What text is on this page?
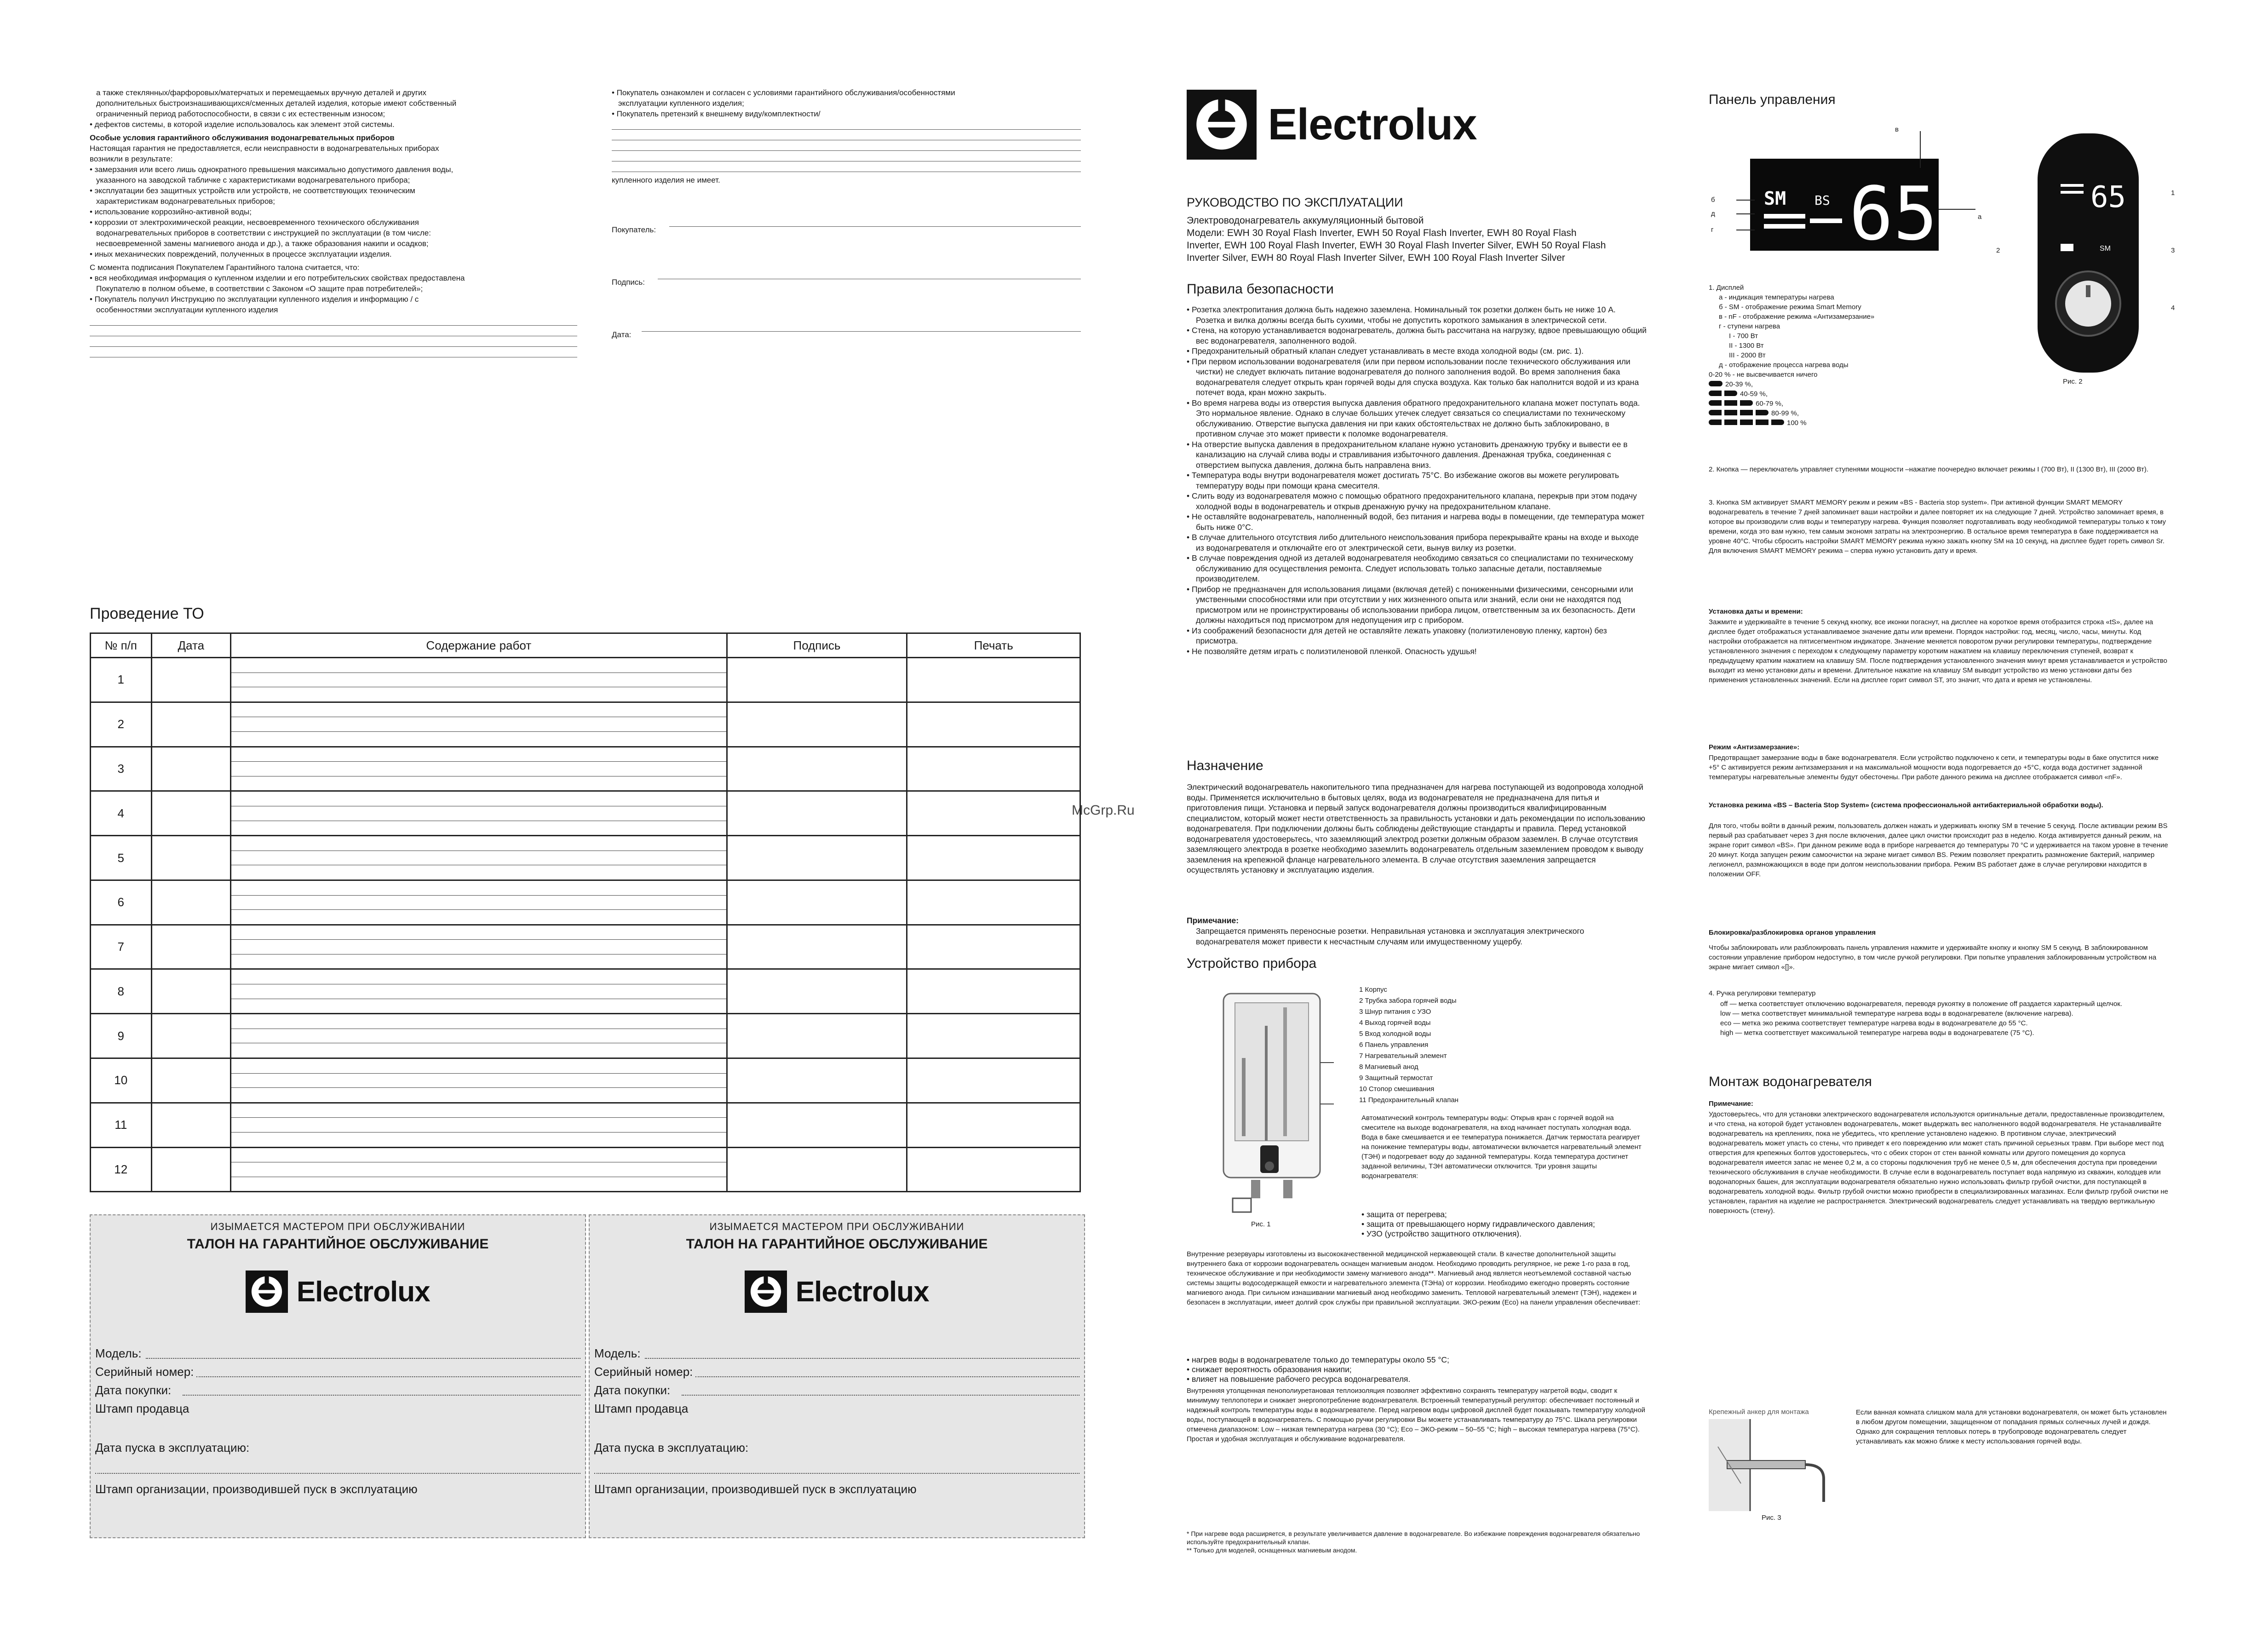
а также стеклянных/фарфоровых/матерчатых и перемещаемых вручную деталей и других
дополнительных быстроизнашивающихся/сменных деталей изделия, которые имеют собственный
ограниченный период работоспособности, в связи с их естественным износом;
• дефектов системы, в которой изделие использовалось как элемент этой системы.
Особые условия гарантийного обслуживания водонагревательных приборов
Настоящая гарантия не предоставляется, если неисправности в водонагревательных приборах
возникли в результате:
• замерзания или всего лишь однократного превышения максимально допустимого давления воды,
указанного на заводской табличке с характеристиками водонагревательного прибора;
• эксплуатации без защитных устройств или устройств, не соответствующих техническим
характеристикам водонагревательных приборов;
• использование коррозийно-активной воды;
• коррозии от электрохимической реакции, несвоевременного технического обслуживания
водонагревательных приборов в соответствии с инструкцией по эксплуатации (в том числе:
несвоевременной замены магниевого анода и др.), а также образования накипи и осадков;
• иных механических повреждений, полученных в процессе эксплуатации изделия.
С момента подписания Покупателем Гарантийного талона считается, что:
• вся необходимая информация о купленном изделии и его потребительских свойствах предоставлена
Покупателю в полном объеме, в соответствии с Законом «О защите прав потребителей»;
• Покупатель получил Инструкцию по эксплуатации купленного изделия и информацию / с
особенностями эксплуатации купленного изделия
• Покупатель ознакомлен и согласен с условиями гарантийного обслуживания/особенностями
эксплуатации купленного изделия;
• Покупатель претензий к внешнему виду/комплектности/
купленного изделия не имеет.
Покупатель:
Подпись:
Дата:
McGrp.Ru
Проведение ТО
№ п/п	Дата	Содержание работ	Подпись	Печать
1		

2		

3		

4		

5		

6		

7		

8		

9		

10		

11		

12		

ИЗЫМАЕТСЯ МАСТЕРОМ ПРИ ОБСЛУЖИВАНИИ
ТАЛОН НА ГАРАНТИЙНОЕ ОБСЛУЖИВАНИЕ
Electrolux
Модель:
Серийный номер:
Дата покупки:
Штамп продавца
Дата пуска в эксплуатацию:
Штамп организации, производившей пуск в эксплуатацию
ИЗЫМАЕТСЯ МАСТЕРОМ ПРИ ОБСЛУЖИВАНИИ
ТАЛОН НА ГАРАНТИЙНОЕ ОБСЛУЖИВАНИЕ
Electrolux
Модель:
Серийный номер:
Дата покупки:
Штамп продавца
Дата пуска в эксплуатацию:
Штамп организации, производившей пуск в эксплуатацию
Electrolux
РУКОВОДСТВО ПО ЭКСПЛУАТАЦИИ
Электроводонагреватель аккумуляционный бытовой
Модели: EWH 30 Royal Flash Inverter, EWH 50 Royal Flash Inverter, EWH 80 Royal Flash
Inverter, EWH 100 Royal Flash Inverter, EWH 30 Royal Flash Inverter Silver, EWH 50 Royal Flash
Inverter Silver, EWH 80 Royal Flash Inverter Silver, EWH 100 Royal Flash Inverter Silver
Правила безопасности
• Розетка электропитания должна быть надежно заземлена. Номинальный ток розетки должен быть не ниже 10 А. Розетка и вилка должны всегда быть сухими, чтобы не допустить короткого замыкания в электрической сети.
• Стена, на которую устанавливается водонагреватель, должна быть рассчитана на нагрузку, вдвое превышающую общий вес водонагревателя, заполненного водой.
• Предохранительный обратный клапан следует устанавливать в месте входа холодной воды (см. рис. 1).
• При первом использовании водонагревателя (или при первом использовании после технического обслуживания или чистки) не следует включать питание водонагревателя до полного заполнения водой. Во время заполнения бака водонагревателя следует открыть кран горячей воды для спуска воздуха. Как только бак наполнится водой и из крана потечет вода, кран можно закрыть.
• Во время нагрева воды из отверстия выпуска давления обратного предохранительного клапана может поступать вода. Это нормальное явление. Однако в случае больших утечек следует связаться со специалистами по техническому обслуживанию. Отверстие выпуска давления ни при каких обстоятельствах не должно быть заблокировано, в противном случае это может привести к поломке водонагревателя.
• На отверстие выпуска давления в предохранительном клапане нужно установить дренажную трубку и вывести ее в канализацию на случай слива воды и стравливания избыточного давления. Дренажная трубка, соединенная с отверстием выпуска давления, должна быть направлена вниз.
• Температура воды внутри водонагревателя может достигать 75°С. Во избежание ожогов вы можете регулировать температуру воды при помощи крана смесителя.
• Слить воду из водонагревателя можно с помощью обратного предохранительного клапана, перекрыв при этом подачу холодной воды в водонагреватель и открыв дренажную ручку на предохранительном клапане.
• Не оставляйте водонагреватель, наполненный водой, без питания и нагрева воды в помещении, где температура может быть ниже 0°С.
• В случае длительного отсутствия либо длительного неиспользования прибора перекрывайте краны на входе и выходе из водонагревателя и отключайте его от электрической сети, вынув вилку из розетки.
• В случае повреждения одной из деталей водонагревателя необходимо связаться со специалистами по техническому обслуживанию для осуществления ремонта. Следует использовать только запасные детали, поставляемые производителем.
• Прибор не предназначен для использования лицами (включая детей) с пониженными физическими, сенсорными или умственными способностями или при отсутствии у них жизненного опыта или знаний, если они не находятся под присмотром или не проинструктированы об использовании прибора лицом, ответственным за их безопасность. Дети должны находиться под присмотром для недопущения игр с прибором.
• Из соображений безопасности для детей не оставляйте лежать упаковку (полиэтиленовую пленку, картон) без присмотра.
• Не позволяйте детям играть с полиэтиленовой пленкой. Опасность удушья!
Назначение
Электрический водонагреватель накопительного типа предназначен для нагрева поступающей из водопровода холодной воды. Применяется исключительно в бытовых целях, вода из водонагревателя не предназначена для питья и приготовления пищи. Установка и первый запуск водонагревателя должны производиться квалифицированным специалистом, который может нести ответственность за правильность установки и дать рекомендации по использованию водонагревателя. При подключении должны быть соблюдены действующие стандарты и правила. Перед установкой водонагревателя удостоверьтесь, что заземляющий электрод розетки должным образом заземлен. В случае отсутствия заземляющего электрода в розетке необходимо заземлить водонагреватель отдельным заземлением проводом к выводу заземления на крепежной фланце нагревательного элемента. В случае отсутствия заземления запрещается осуществлять установку и эксплуатацию изделия.
Примечание:
Запрещается применять переносные розетки. Неправильная установка и эксплуатация электрического водонагревателя может привести к несчастным случаям или имущественному ущербу.
Устройство прибора
Рис. 1
1 Корпус
2 Трубка забора горячей воды
3 Шнур питания с УЗО
4 Выход горячей воды
5 Вход холодной воды
6 Панель управления
7 Нагревательный элемент
8 Магниевый анод
9 Защитный термостат
10 Стопор смешивания
11 Предохранительный клапан
Автоматический контроль температуры воды: Открыв кран с горячей водой на смесителе на выходе водонагревателя, на вход начинает поступать холодная вода. Вода в баке смешивается и ее температура понижается. Датчик термостата реагирует на понижение температуры воды, автоматически включается нагревательный элемент (ТЭН) и подогревает воду до заданной температуры. Когда температура достигнет заданной величины, ТЭН автоматически отключится. Три уровня защиты водонагревателя:
• защита от перегрева;
• защита от превышающего норму гидравлического давления;
• УЗО (устройство защитного отключения).
Внутренние резервуары изготовлены из высококачественной медицинской нержавеющей стали. В качестве дополнительной защиты внутреннего бака от коррозии водонагреватель оснащен магниевым анодом. Необходимо проводить регулярное, не реже 1-го раза в год, техническое обслуживание и при необходимости замену магниевого анода**. Магниевый анод является неотъемлемой составной частью системы защиты водосодержащей емкости и нагревательного элемента (ТЭНа) от коррозии. Необходимо ежегодно проверять состояние магниевого анода. При сильном изнашивании магниевый анод необходимо заменить. Тепловой нагревательный элемент (ТЭН), надежен и безопасен в эксплуатации, имеет долгий срок службы при правильной эксплуатации. ЭКО-режим (Eco) на панели управления обеспечивает:
• нагрев воды в водонагревателе только до температуры около 55 °С;
• снижает вероятность образования накипи;
• влияет на повышение рабочего ресурса водонагревателя.
Внутренняя утолщенная пенополиуретановая теплоизоляция позволяет эффективно сохранять температуру нагретой воды, сводит к минимуму теплопотери и снижает энергопотребление водонагревателя. Встроенный температурный регулятор: обеспечивает постоянный и надежный контроль температуры воды в водонагревателе. Перед нагревом воды цифровой дисплей будет показывать температуру холодной воды, поступающей в водонагреватель. С помощью ручки регулировки Вы можете устанавливать температуру до 75°С. Шкала регулировки отмечена диапазоном: Low – низкая температура нагрева (30 °С); Eco – ЭКО-режим – 50–55 °С; high – высокая температура нагрева (75°С). Простая и удобная эксплуатация и обслуживание водонагревателя.
* При нагреве вода расширяется, в результате увеличивается давление в водонагревателе. Во избежание повреждения водонагревателя обязательно используйте предохранительный клапан.
** Только для моделей, оснащенных магниевым анодом.
Панель управления
SM BS 65
в
б
д
г
а
65
SM
1
2	3
4
Рис. 2
1. Дисплей
а - индикация температуры нагрева
б - SM - отображение режима Smart Memory
в - nF - отображение режима «Антизамерзание»
г - ступени нагрева
I - 700 Вт
II - 1300 Вт
III - 2000 Вт
д - отображение процесса нагрева воды
0-20 % - не высвечивается ничего
20-39 %,
40-59 %,
60-79 %,
80-99 %,
100 %
2. Кнопка — переключатель управляет ступенями мощности –нажатие поочередно включает режимы I (700 Вт), II (1300 Вт), III (2000 Вт).
3. Кнопка SM активирует SMART MEMORY режим и режим «BS - Bacteria stop system». При активной функции SMART MEMORY водонагреватель в течение 7 дней запоминает ваши настройки и далее повторяет их на следующие 7 дней. Устройство запоминает время, в которое вы производили слив воды и температуру нагрева. Функция позволяет подготавливать воду необходимой температуры только к тому времени, когда это вам нужно, тем самым экономя затраты на электроэнергию. В остальное время температура в баке поддерживается на уровне 40°С. Чтобы сбросить настройки SMART MEMORY режима нужно зажать кнопку SM на 10 секунд, на дисплее будет гореть символ Sr. Для включения SMART MEMORY режима – сперва нужно установить дату и время.
Установка даты и времени:
Зажмите и удерживайте в течение 5 секунд кнопку, все иконки погаснут, на дисплее на короткое время отобразится строка «tS», далее на дисплее будет отображаться устанавливаемое значение даты или времени. Порядок настройки: год, месяц, число, часы, минуты. Код настройки отображается на пятисегментном индикаторе. Значение меняется поворотом ручки регулировки температуры, подтверждение установленного значения с переходом к следующему параметру коротким нажатием на клавишу переключения ступеней, возврат к предыдущему кратким нажатием на клавишу SM. После подтверждения установленного значения минут время устанавливается и устройство выходит из меню установки даты и времени. Длительное нажатие на клавишу SM выводит устройство из меню установки даты без применения установленных значений. Если на дисплее горит символ ST, это значит, что дата и время не установлены.
Режим «Антизамерзание»:
Предотвращает замерзание воды в баке водонагревателя. Если устройство подключено к сети, и температуры воды в баке опустится ниже +5° С активируется режим антизамерзания и на максимальной мощности вода подогревается до +5°С, когда вода достигнет заданной температуры нагревательные элементы будут обесточены. При работе данного режима на дисплее отображается символ «nF».
Установка режима «BS – Bacteria Stop System» (система профессиональной антибактериальной обработки воды).
Для того, чтобы войти в данный режим, пользователь должен нажать и удерживать кнопку SM в течение 5 секунд. После активации режим BS первый раз срабатывает через 3 дня после включения, далее цикл очистки происходит раз в неделю. Когда активируется данный режим, на экране горит символ «BS». При данном режиме вода в приборе нагревается до температуры 70 °С и удерживается на таком уровне в течение 20 минут. Когда запущен режим самоочистки на экране мигает символ BS. Режим позволяет прекратить размножение бактерий, например легионелл, размножающихся в воде при долгом неиспользовании прибора. Режим BS работает даже в случае регулировки находится в положении OFF.
Блокировка/разблокировка органов управления
Чтобы заблокировать или разблокировать панель управления нажмите и удерживайте кнопку и кнопку SM 5 секунд. В заблокированном состоянии управление прибором недоступно, в том числе ручкой регулировки. При попытке управления заблокированным устройством на экране мигает символ «[]».
4. Ручка регулировки температур
off — метка соответствует отключению водонагревателя, переводя рукоятку в положение off раздается характерный щелчок.
low — метка соответствует минимальной температуре нагрева воды в водонагревателе (включение нагрева).
eco — метка эко режима соответствует температуре нагрева воды в водонагревателе до 55 °С.
high — метка соответствует максимальной температуре нагрева воды в водонагревателе (75 °С).
Монтаж водонагревателя
Примечание:
Удостоверьтесь, что для установки электрического водонагревателя используются оригинальные детали, предоставленные производителем, и что стена, на которой будет установлен водонагреватель, может выдержать вес наполненного водой водонагревателя. Не устанавливайте водонагреватель на креплениях, пока не убедитесь, что крепление установлено надежно. В противном случае, электрический водонагреватель может упасть со стены, что приведет к его повреждению или может стать причиной серьезных травм. При выборе мест под отверстия для крепежных болтов удостоверьтесь, что с обеих сторон от стен ванной комнаты или другого помещения до корпуса водонагревателя имеется запас не менее 0,2 м, а со стороны подключения труб не менее 0,5 м, для обеспечения доступа при проведении технического обслуживания в случае необходимости. В случае если в водонагреватель поступает вода напрямую из скважин, колодцев или водонапорных башен, для эксплуатации водонагревателя обязательно нужно использовать фильтр грубой очистки, для поступающей в водонагреватель холодной воды. Фильтр грубой очистки можно приобрести в специализированных магазинах. Если фильтр грубой очистки не установлен, гарантия на изделие не распространяется. Электрический водонагреватель следует устанавливать на твердую вертикальную поверхность (стену).
Крепежный анкер для монтажа
Рис. 3
Если ванная комната слишком мала для установки водонагревателя, он может быть установлен в любом другом помещении, защищенном от попадания прямых солнечных лучей и дождя. Однако для сокращения тепловых потерь в трубопроводе водонагреватель следует устанавливать как можно ближе к месту использования горячей воды.
